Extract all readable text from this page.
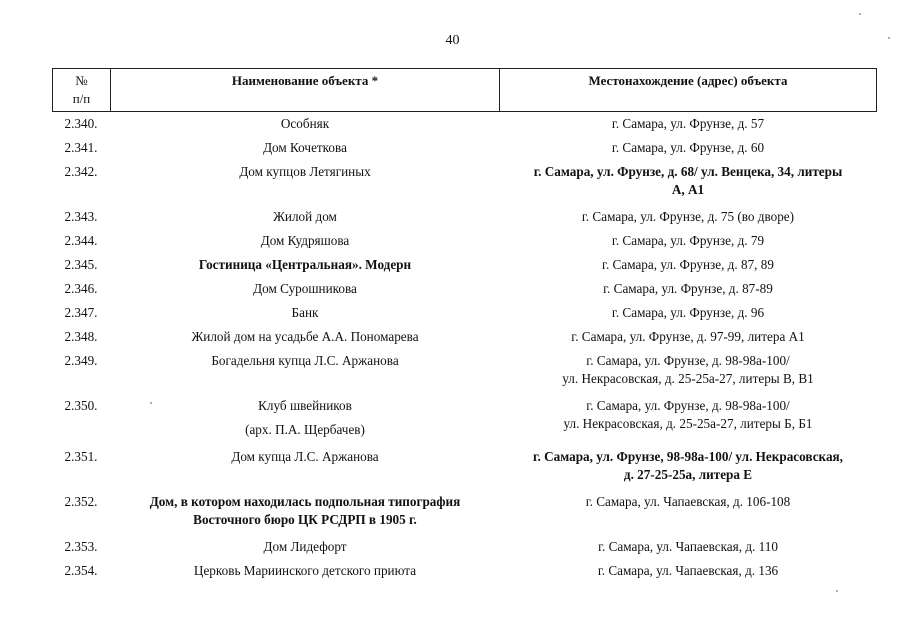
40
№
п/п	Наименование объекта *	Местонахождение (адрес) объекта
2.340.	Особняк	г. Самара, ул. Фрунзе, д. 57

2.341.	Дом Кочеткова	г. Самара, ул. Фрунзе, д. 60

2.342.	Дом купцов Летягиных	г. Самара, ул. Фрунзе, д. 68/ ул. Венцека, 34, литеры
А, А1

2.343.	Жилой дом	г. Самара, ул. Фрунзе, д. 75 (во дворе)

2.344.	Дом Кудряшова	г. Самара, ул. Фрунзе, д. 79

2.345.	Гостиница «Центральная». Модерн	г. Самара, ул. Фрунзе, д. 87, 89

2.346.	Дом Сурошникова	г. Самара, ул. Фрунзе, д. 87-89

2.347.	Банк	г. Самара, ул. Фрунзе, д. 96

2.348.	Жилой дом на усадьбе А.А. Пономарева	г. Самара, ул. Фрунзе, д. 97-99, литера А1

2.349.	Богадельня купца Л.С. Аржанова	г. Самара, ул. Фрунзе, д. 98-98а-100/
ул. Некрасовская, д. 25-25а-27, литеры В, В1

2.350.	Клуб швейников
(арх. П.А. Щербачев)	г. Самара, ул. Фрунзе, д. 98-98а-100/
ул. Некрасовская, д. 25-25а-27, литеры Б, Б1

2.351.	Дом купца Л.С. Аржанова	г. Самара, ул. Фрунзе, 98-98а-100/ ул. Некрасовская,
д. 27-25-25а, литера Е

2.352.	Дом, в котором находилась подпольная типография
Восточного бюро ЦК РСДРП в 1905 г.	г. Самара, ул. Чапаевская, д. 106-108

2.353.	Дом Лидефорт	г. Самара, ул. Чапаевская, д. 110

2.354.	Церковь Мариинского детского приюта	г. Самара, ул. Чапаевская, д. 136
